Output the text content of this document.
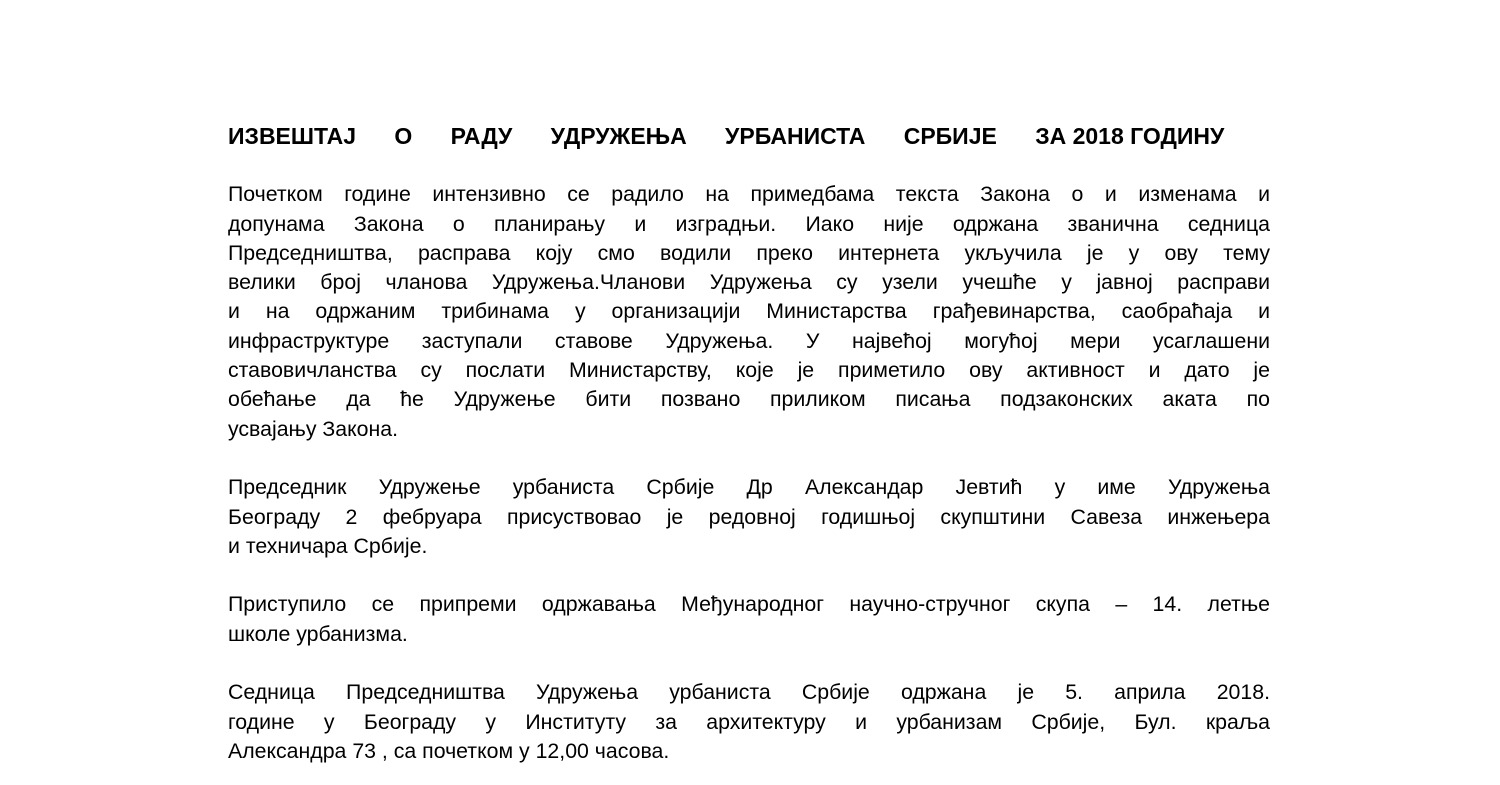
ИЗВЕШТАЈ      О      РАДУ      УДРУЖЕЊА      УРБАНИСТА      СРБИЈЕ      ЗА 2018 ГОДИНУ

Почетком године интензивно се радило на примедбама текста Закона о и изменама и
допунама Закона о планирању и изградњи. Иако није одржана званична седница
Председништва, расправа коју смо водили преко интернета укључила је у ову тему
велики број чланова Удружења.Чланови Удружења су узели учешће у јавној расправи
и на одржаним трибинама у организацији Министарства грађевинарства, саобраћаја и
инфраструктуре заступали ставове Удружења. У највећој могућој мери усаглашени
ставовичланства су послати Министарству, које је приметило ову активност и дато је
обећање да ће Удружење бити позвано приликом писања подзаконских аката по
усвајању Закона.

Председник Удружење урбаниста Србије Др Александар Јевтић у име Удружења
Београду 2 фебруара присуствовао је редовној годишњој скупштини Савеза инжењера
и техничара Србије.

Приступило се припреми одржавања Међународног научно-стручног скупа – 14. летње
школе урбанизма.

Седница Председништва Удружења урбаниста Србије одржана је 5. априла 2018.
године у Београду у Институту за архитектуру и урбанизам Србије, Бул. краља
Александра 73 , са почетком у 12,00 часова.
